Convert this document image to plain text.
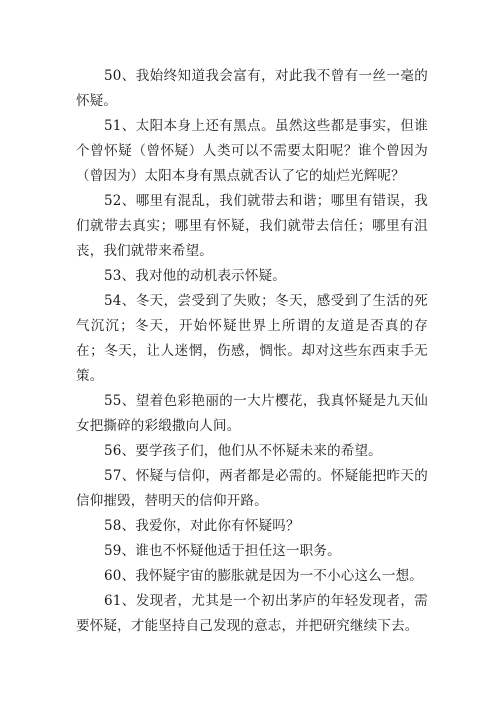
50、我始终知道我会富有，对此我不曾有一丝一毫的怀疑。

51、太阳本身上还有黑点。虽然这些都是事实，但谁个曾怀疑（曾怀疑）人类可以不需要太阳呢？谁个曾因为（曾因为）太阳本身有黑点就否认了它的灿烂光辉呢？

52、哪里有混乱，我们就带去和谐；哪里有错误，我们就带去真实；哪里有怀疑，我们就带去信任；哪里有沮丧，我们就带来希望。

53、我对他的动机表示怀疑。

54、冬天，尝受到了失败；冬天，感受到了生活的死气沉沉；冬天，开始怀疑世界上所谓的友道是否真的存在；冬天，让人迷惘，伤感，惆怅。却对这些东西束手无策。

55、望着色彩艳丽的一大片樱花，我真怀疑是九天仙女把撕碎的彩缎撒向人间。

56、要学孩子们，他们从不怀疑未来的希望。

57、怀疑与信仰，两者都是必需的。怀疑能把昨天的信仰摧毁，替明天的信仰开路。

58、我爱你，对此你有怀疑吗？

59、谁也不怀疑他适于担任这一职务。

60、我怀疑宇宙的膨胀就是因为一不小心这么一想。

61、发现者，尤其是一个初出茅庐的年轻发现者，需要怀疑，才能坚持自己发现的意志，并把研究继续下去。
